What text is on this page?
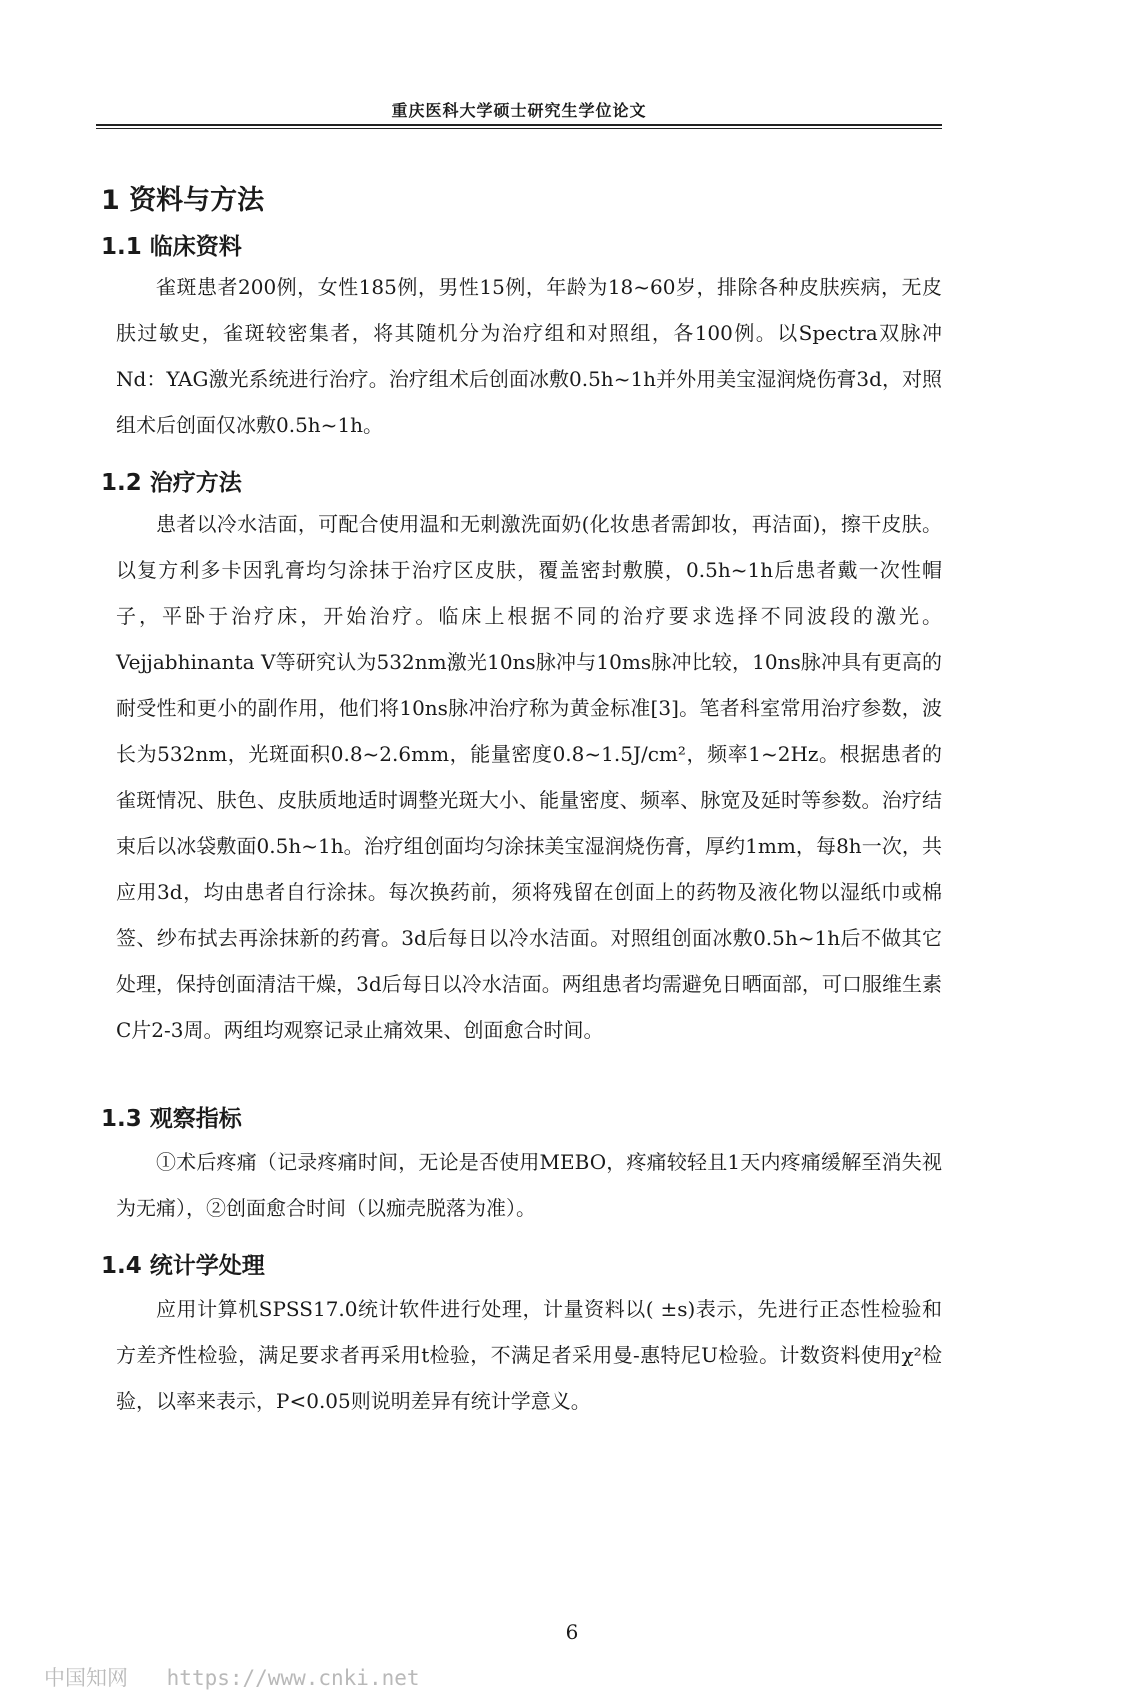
重庆医科大学硕士研究生学位论文
1 资料与方法
1.1 临床资料

雀斑患者200例，女性185例，男性15例，年龄为18~60岁，排除各种皮肤疾病，无皮肤过敏史，雀斑较密集者，将其随机分为治疗组和对照组，各100例。以Spectra双脉冲Nd：YAG激光系统进行治疗。治疗组术后创面冰敷0.5h~1h并外用美宝湿润烧伤膏3d，对照组术后创面仅冰敷0.5h~1h。

1.2 治疗方法

患者以冷水洁面，可配合使用温和无刺激洗面奶(化妆患者需卸妆，再洁面)，擦干皮肤。以复方利多卡因乳膏均匀涂抹于治疗区皮肤，覆盖密封敷膜，0.5h~1h后患者戴一次性帽子，平卧于治疗床，开始治疗。临床上根据不同的治疗要求选择不同波段的激光。Vejjabhinanta V等研究认为532nm激光10ns脉冲与10ms脉冲比较，10ns脉冲具有更高的耐受性和更小的副作用，他们将10ns脉冲治疗称为黄金标准[3]。笔者科室常用治疗参数，波长为532nm，光斑面积0.8~2.6mm，能量密度0.8~1.5J/cm²，频率1~2Hz。根据患者的雀斑情况、肤色、皮肤质地适时调整光斑大小、能量密度、频率、脉宽及延时等参数。治疗结束后以冰袋敷面0.5h~1h。治疗组创面均匀涂抹美宝湿润烧伤膏，厚约1mm，每8h一次，共应用3d，均由患者自行涂抹。每次换药前，须将残留在创面上的药物及液化物以湿纸巾或棉签、纱布拭去再涂抹新的药膏。3d后每日以冷水洁面。对照组创面冰敷0.5h~1h后不做其它处理，保持创面清洁干燥，3d后每日以冷水洁面。两组患者均需避免日晒面部，可口服维生素C片2-3周。两组均观察记录止痛效果、创面愈合时间。

1.3 观察指标

①术后疼痛（记录疼痛时间，无论是否使用MEBO，疼痛较轻且1天内疼痛缓解至消失视为无痛），②创面愈合时间（以痂壳脱落为准）。

1.4 统计学处理

应用计算机SPSS17.0统计软件进行处理，计量资料以( ±s)表示，先进行正态性检验和方差齐性检验，满足要求者再采用t检验，不满足者采用曼-惠特尼U检验。计数资料使用χ²检验，以率来表示，P<0.05则说明差异有统计学意义。

6
中国知网 https://www.cnki.net
